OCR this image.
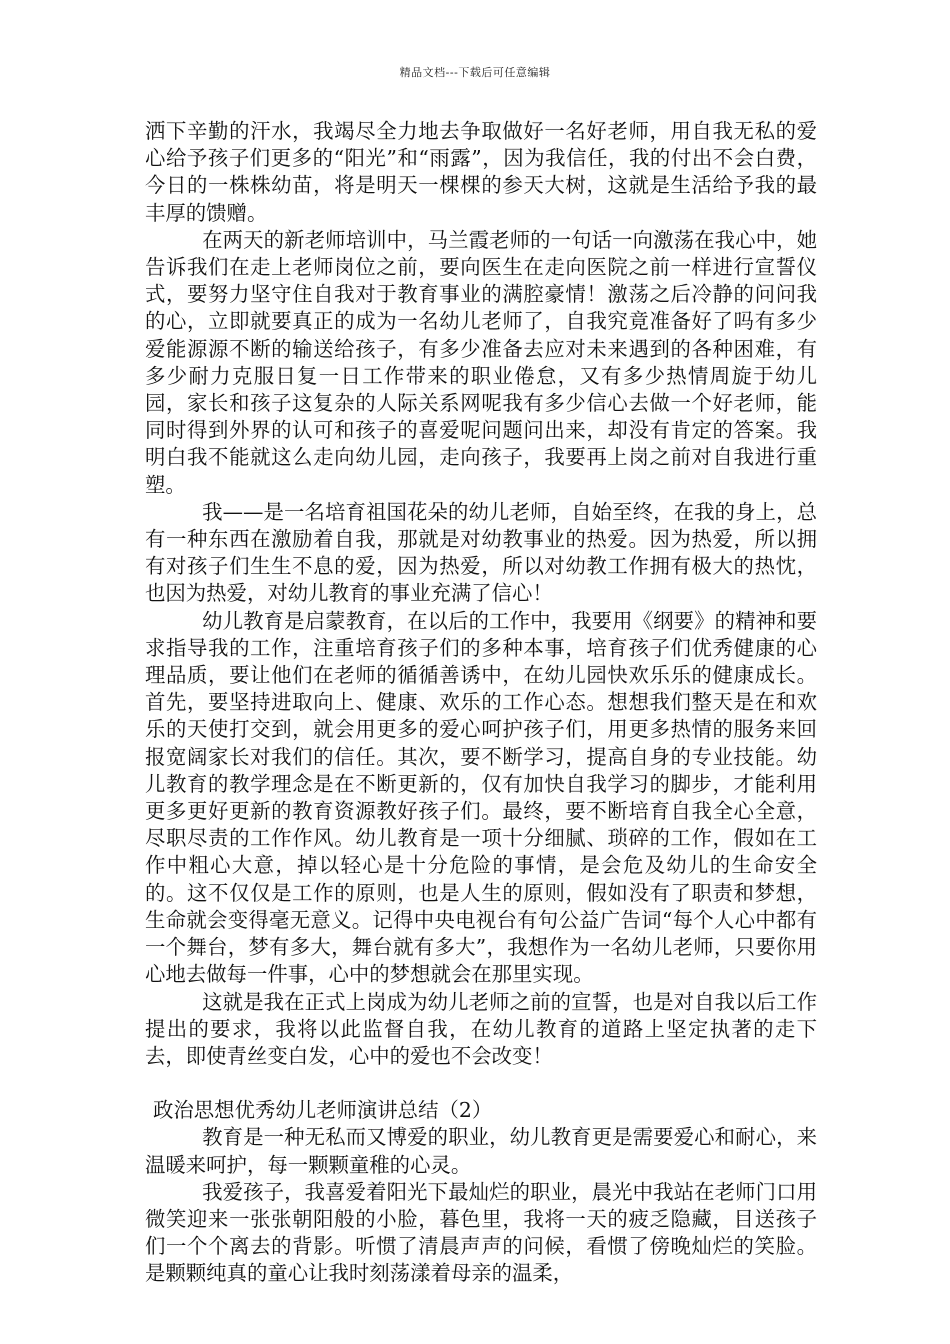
精品文档---下载后可任意编辑

洒下辛勤的汗水，我竭尽全力地去争取做好一名好老师，用自我无私的爱心给予孩子们更多的“阳光”和“雨露”，因为我信任，我的付出不会白费，今日的一株株幼苗，将是明天一棵棵的参天大树，这就是生活给予我的最丰厚的馈赠。

在两天的新老师培训中，马兰霞老师的一句话一向激荡在我心中，她告诉我们在走上老师岗位之前，要向医生在走向医院之前一样进行宣誓仪式，要努力坚守住自我对于教育事业的满腔豪情！激荡之后冷静的问问我的心，立即就要真正的成为一名幼儿老师了，自我究竟准备好了吗有多少爱能源源不断的输送给孩子，有多少准备去应对未来遇到的各种困难，有多少耐力克服日复一日工作带来的职业倦怠，又有多少热情周旋于幼儿园，家长和孩子这复杂的人际关系网呢我有多少信心去做一个好老师，能同时得到外界的认可和孩子的喜爱呢问题问出来，却没有肯定的答案。我明白我不能就这么走向幼儿园，走向孩子，我要再上岗之前对自我进行重塑。

我——是一名培育祖国花朵的幼儿老师，自始至终，在我的身上，总有一种东西在激励着自我，那就是对幼教事业的热爱。因为热爱，所以拥有对孩子们生生不息的爱，因为热爱，所以对幼教工作拥有极大的热忱，也因为热爱，对幼儿教育的事业充满了信心！

幼儿教育是启蒙教育，在以后的工作中，我要用《纲要》的精神和要求指导我的工作，注重培育孩子们的多种本事，培育孩子们优秀健康的心理品质，要让他们在老师的循循善诱中，在幼儿园快欢乐乐的健康成长。首先，要坚持进取向上、健康、欢乐的工作心态。想想我们整天是在和欢乐的天使打交到，就会用更多的爱心呵护孩子们，用更多热情的服务来回报宽阔家长对我们的信任。其次，要不断学习，提高自身的专业技能。幼儿教育的教学理念是在不断更新的，仅有加快自我学习的脚步，才能利用更多更好更新的教育资源教好孩子们。最终，要不断培育自我全心全意，尽职尽责的工作作风。幼儿教育是一项十分细腻、琐碎的工作，假如在工作中粗心大意，掉以轻心是十分危险的事情，是会危及幼儿的生命安全的。这不仅仅是工作的原则，也是人生的原则，假如没有了职责和梦想，生命就会变得毫无意义。记得中央电视台有句公益广告词“每个人心中都有一个舞台，梦有多大，舞台就有多大”，我想作为一名幼儿老师，只要你用心地去做每一件事，心中的梦想就会在那里实现。

这就是我在正式上岗成为幼儿老师之前的宣誓，也是对自我以后工作提出的要求，我将以此监督自我，在幼儿教育的道路上坚定执著的走下去，即使青丝变白发，心中的爱也不会改变！

政治思想优秀幼儿老师演讲总结（2）

教育是一种无私而又博爱的职业，幼儿教育更是需要爱心和耐心，来温暖来呵护，每一颗颗童稚的心灵。

我爱孩子，我喜爱着阳光下最灿烂的职业，晨光中我站在老师门口用微笑迎来一张张朝阳般的小脸，暮色里，我将一天的疲乏隐藏，目送孩子们一个个离去的背影。听惯了清晨声声的问候，看惯了傍晚灿烂的笑脸。是颗颗纯真的童心让我时刻荡漾着母亲的温柔，
